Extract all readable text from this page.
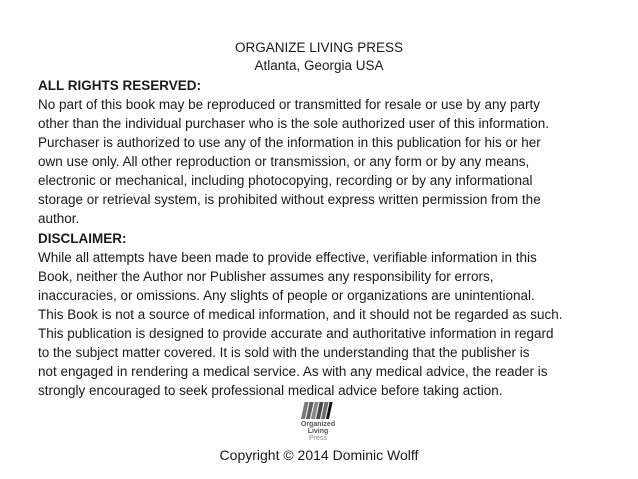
ORGANIZE LIVING PRESS
Atlanta, Georgia USA
ALL RIGHTS RESERVED:
No part of this book may be reproduced or transmitted for resale or use by any party
other than the individual purchaser who is the sole authorized user of this information.
Purchaser is authorized to use any of the information in this publication for his or her
own use only. All other reproduction or transmission, or any form or by any means,
electronic or mechanical, including photocopying, recording or by any informational
storage or retrieval system, is prohibited without express written permission from the
author.
DISCLAIMER:
While all attempts have been made to provide effective, verifiable information in this
Book, neither the Author nor Publisher assumes any responsibility for errors,
inaccuracies, or omissions. Any slights of people or organizations are unintentional.
This Book is not a source of medical information, and it should not be regarded as such.
This publication is designed to provide accurate and authoritative information in regard
to the subject matter covered. It is sold with the understanding that the publisher is
not engaged in rendering a medical service. As with any medical advice, the reader is
strongly encouraged to seek professional medical advice before taking action.
Organized
Living
Press
Copyright © 2014 Dominic Wolff
